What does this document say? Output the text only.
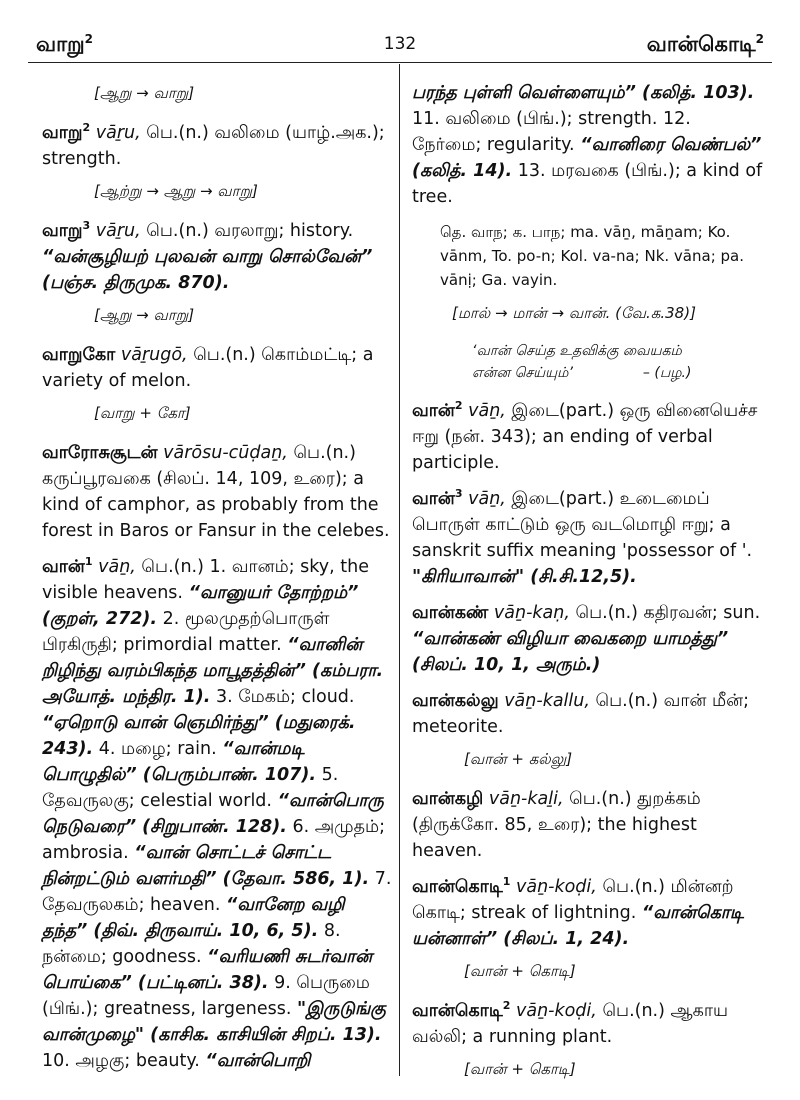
வாறு$^2$	132	வான்கொடி$^2$
[ஆறு → வாறு]
வாறு$^2$ vāṟu, பெ.(n.) வலிமை (யாழ்.அக.); strength.
[ஆற்று → ஆறு → வாறு]
வாறு$^3$ vāṟu, பெ.(n.) வரலாறு; history. “வன்சூழியற் புலவன் வாறு சொல்வேன்” (பஞ்ச. திருமுக. 870).
[ஆறு → வாறு]
வாறுகோ vāṟugō, பெ.(n.) கொம்மட்டி; a variety of melon.
[வாறு + கோ]
வாரோசுசூடன் vārōsu-cūḍaṉ, பெ.(n.) கருப்பூரவகை (சிலப். 14, 109, உரை); a kind of camphor, as probably from the forest in Baros or Fansur in the celebes.
வான்$^1$ vāṉ, பெ.(n.) 1. வானம்; sky, the visible heavens. “வானுயர் தோற்றம்” (குறள், 272). 2. மூலமுதற்பொருள் பிரகிருதி; primordial matter. “வானின் றிழிந்து வரம்பிகந்த மாபூதத்தின்” (கம்பரா. அயோத். மந்திர. 1). 3. மேகம்; cloud. “ஏறொடு வான் ஞெமிர்ந்து” (மதுரைக். 243). 4. மழை; rain. “வான்மடி பொழுதில்” (பெரும்பாண். 107). 5. தேவருலகு; celestial world. “வான்பொரு நெடுவரை” (சிறுபாண். 128). 6. அமுதம்; ambrosia. “வான் சொட்டச் சொட்ட நின்றட்டும் வளர்மதி” (தேவா. 586, 1). 7. தேவருலகம்; heaven. “வானேற வழி தந்த” (திவ். திருவாய். 10, 6, 5). 8. நன்மை; goodness. “வரியணி சுடர்வான் பொய்கை” (பட்டினப். 38). 9. பெருமை (பிங்.); greatness, largeness. "இருடுங்கு வான்முழை" (காசிக. காசியின் சிறப். 13). 10. அழகு; beauty. “வான்பொறி
பரந்த புள்ளி வெள்ளையும்” (கலித். 103). 11. வலிமை (பிங்.); strength. 12. நேர்மை; regularity. “வானிரை வெண்பல்” (கலித். 14). 13. மரவகை (பிங்.); a kind of tree.
தெ. வாந; க. பாந; ma. vāṉ, māṉam; Ko. vānm, To. po-n; Kol. va-na; Nk. vāna; pa. vānị; Ga. vayin.
[மால் → மான் → வான். (வே.க.38)]
‘வான் செய்த உதவிக்கு வையகம்
என்ன செய்யும்’	– (பழ.)
வான்$^2$ vāṉ, இடை(part.) ஒரு வினையெச்ச ஈறு (நன். 343); an ending of verbal participle.
வான்$^3$ vāṉ, இடை(part.) உடைமைப் பொருள் காட்டும் ஒரு வடமொழி ஈறு; a sanskrit suffix meaning 'possessor of '. "கிரியாவான்" (சி.சி.12,5).
வான்கண் vāṉ-kaṇ, பெ.(n.) கதிரவன்; sun. “வான்கண் விழியா வைகறை யாமத்து” (சிலப். 10, 1, அரும்.)
வான்கல்லு vāṉ-kallu, பெ.(n.) வான் மீன்; meteorite.
[வான் + கல்லு]
வான்கழி vāṉ-kaḻi, பெ.(n.) துறக்கம் (திருக்கோ. 85, உரை); the highest heaven.
வான்கொடி$^1$ vāṉ-koḍi, பெ.(n.) மின்னற் கொடி; streak of lightning. “வான்கொடி யன்னாள்” (சிலப். 1, 24).
[வான் + கொடி]
வான்கொடி$^2$ vāṉ-koḍi, பெ.(n.) ஆகாய வல்லி; a running plant.
[வான் + கொடி]
